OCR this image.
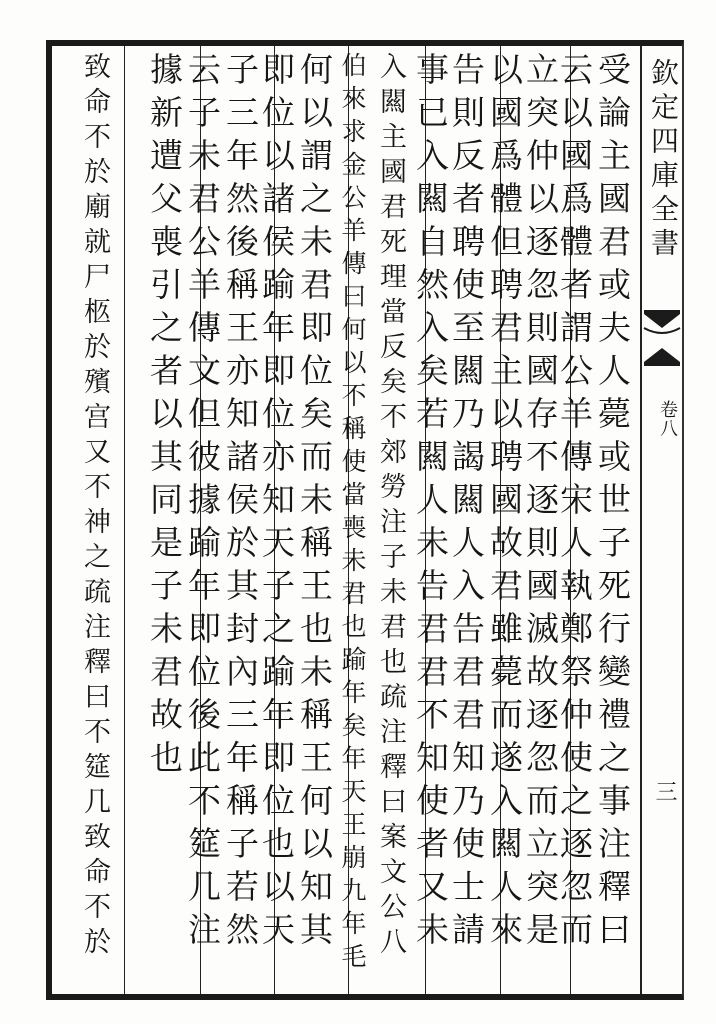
欽定四庫全書
卷八
三
受論主國君或夫人薨或世子死行變禮之事注釋曰
云以國爲體者謂公羊傳宋人執鄭祭仲使之逐忽而
立突仲以逐忽則國存不逐則國滅故逐忽而立突是
以國爲體但聘君主以聘國故君雖薨而遂入闗人來
告則反者聘使至闗乃謁闗人入告君君知乃使士請
事已入闗自然入矣若闗人未告君君不知使者又未
入闗主國君死理當反矣不郊勞注子未君也疏注釋曰案文公八
伯來求金公羊傳曰何以不稱使當喪未君也踰年矣年天王崩九年毛
何以謂之未君即位矣而未稱王也未稱王何以知其
即位以諸侯踰年即位亦知天子之踰年即位也以天
子三年然後稱王亦知諸侯於其封內三年稱子若然
云子未君公羊傳文但彼據踰年即位後此不筵几注
據新遭父喪引之者以其同是子未君故也
致命不於廟就尸柩於殯宫又不神之疏注釋曰不筵几致命不於
